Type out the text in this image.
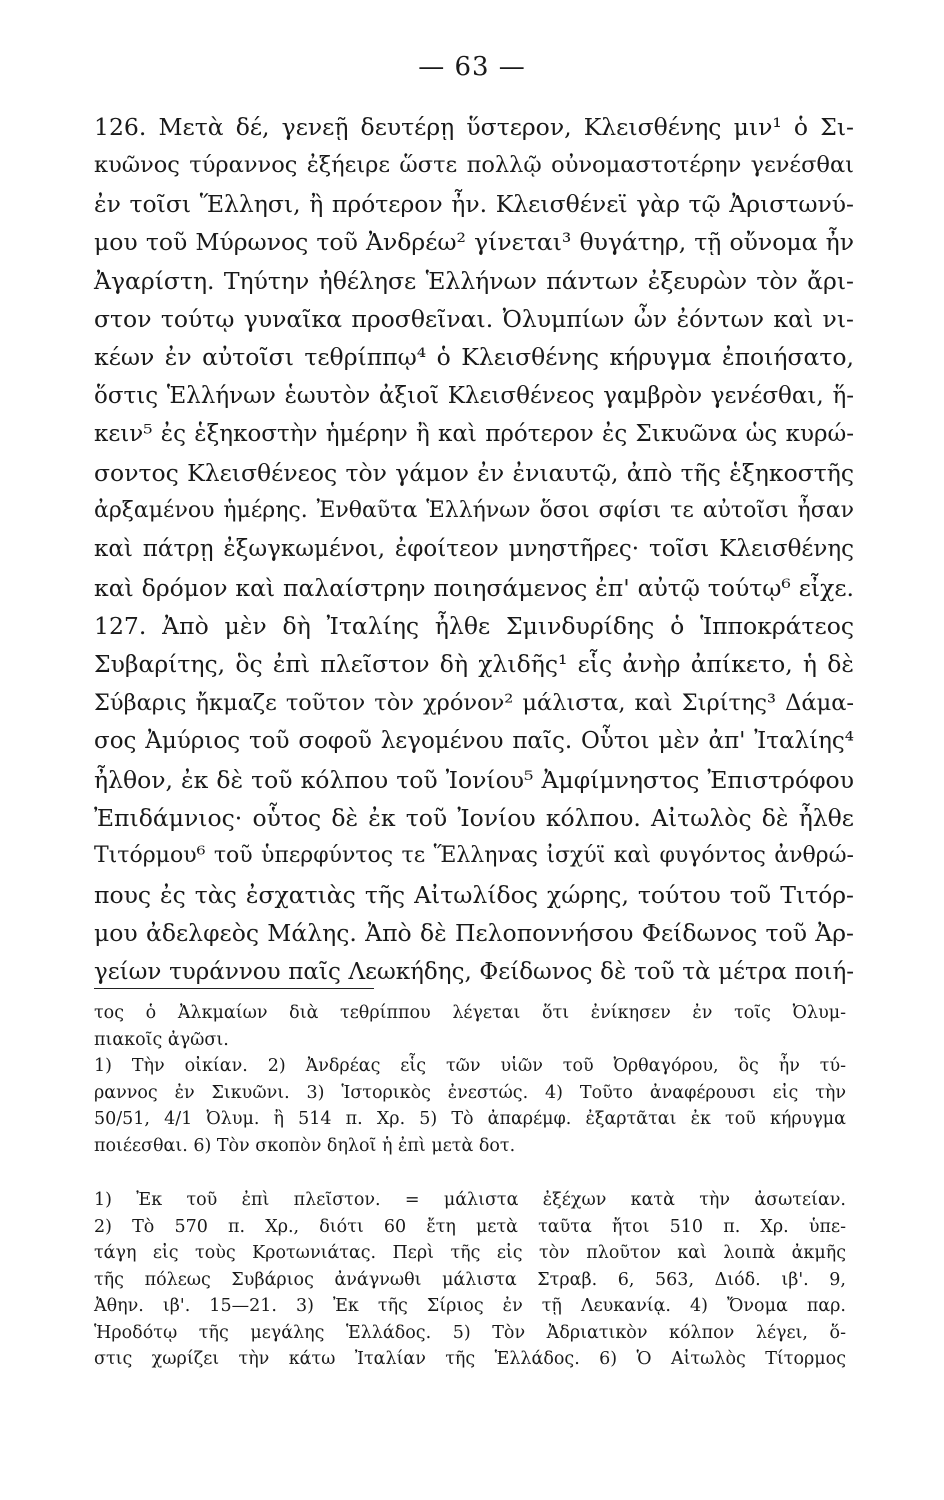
— 63 —
126. Μετὰ δέ, γενεῇ δευτέρῃ ὕστερον, Κλεισθένης μιν¹ ὁ Σι-
κυῶνος τύραννος ἐξήειρε ὥστε πολλῷ οὐνομαστοτέρην γενέσθαι
ἐν τοῖσι Ἕλλησι, ἢ πρότερον ἦν. Κλεισθένεϊ γὰρ τῷ Ἀριστωνύ-
μου τοῦ Μύρωνος τοῦ Ἀνδρέω² γίνεται³ θυγάτηρ, τῇ οὔνομα ἦν
Ἀγαρίστη. Τηύτην ἠθέλησε Ἑλλήνων πάντων ἐξευρὼν τὸν ἄρι-
στον τούτῳ γυναῖκα προσθεῖναι. Ὀλυμπίων ὦν ἐόντων καὶ νι-
κέων ἐν αὐτοῖσι τεθρίππῳ⁴ ὁ Κλεισθένης κήρυγμα ἐποιήσατο,
ὅστις Ἑλλήνων ἑωυτὸν ἀξιοῖ Κλεισθένεος γαμβρὸν γενέσθαι, ἥ-
κειν⁵ ἐς ἑξηκοστὴν ἡμέρην ἢ καὶ πρότερον ἐς Σικυῶνα ὡς κυρώ-
σοντος Κλεισθένεος τὸν γάμον ἐν ἐνιαυτῷ, ἀπὸ τῆς ἑξηκοστῆς
ἀρξαμένου ἡμέρης. Ἐνθαῦτα Ἑλλήνων ὅσοι σφίσι τε αὐτοῖσι ἦσαν
καὶ πάτρῃ ἐξωγκωμένοι, ἐφοίτεον μνηστῆρες· τοῖσι Κλεισθένης
καὶ δρόμον καὶ παλαίστρην ποιησάμενος ἐπ' αὐτῷ τούτῳ⁶ εἶχε.
127. Ἀπὸ μὲν δὴ Ἰταλίης ἦλθε Σμινδυρίδης ὁ Ἱπποκράτεος
Συβαρίτης, ὃς ἐπὶ πλεῖστον δὴ χλιδῆς¹ εἷς ἀνὴρ ἀπίκετο, ἡ δὲ
Σύβαρις ἤκμαζε τοῦτον τὸν χρόνον² μάλιστα, καὶ Σιρίτης³ Δάμα-
σος Ἀμύριος τοῦ σοφοῦ λεγομένου παῖς. Οὗτοι μὲν ἀπ' Ἰταλίης⁴
ἦλθον, ἐκ δὲ τοῦ κόλπου τοῦ Ἰονίου⁵ Ἀμφίμνηστος Ἐπιστρόφου
Ἐπιδάμνιος· οὗτος δὲ ἐκ τοῦ Ἰονίου κόλπου. Αἰτωλὸς δὲ ἦλθε
Τιτόρμου⁶ τοῦ ὑπερφύντος τε Ἕλληνας ἰσχύϊ καὶ φυγόντος ἀνθρώ-
πους ἐς τὰς ἐσχατιὰς τῆς Αἰτωλίδος χώρης, τούτου τοῦ Τιτόρ-
μου ἀδελφεὸς Μάλης. Ἀπὸ δὲ Πελοποννήσου Φείδωνος τοῦ Ἀρ-
γείων τυράννου παῖς Λεωκήδης, Φείδωνος δὲ τοῦ τὰ μέτρα ποιή-
τος ὁ Ἀλκμαίων διὰ τεθρίππου λέγεται ὅτι ἐνίκησεν ἐν τοῖς Ὀλυμ-
πιακοῖς ἀγῶσι.
1) Τὴν οἰκίαν. 2) Ἀνδρέας εἷς τῶν υἱῶν τοῦ Ὀρθαγόρου, ὃς ἦν τύ-
ραννος ἐν Σικυῶνι. 3) Ἱστορικὸς ἐνεστώς. 4) Τοῦτο ἀναφέρουσι εἰς τὴν
50/51, 4/1 Ὀλυμ. ἢ 514 π. Χρ. 5) Τὸ ἀπαρέμφ. ἐξαρτᾶται ἐκ τοῦ κήρυγμα
ποιέεσθαι. 6) Τὸν σκοπὸν δηλοῖ ἡ ἐπὶ μετὰ δοτ.
1) Ἐκ τοῦ ἐπὶ πλεῖστον. = μάλιστα ἐξέχων κατὰ τὴν ἀσωτείαν.
2) Τὸ 570 π. Χρ., διότι 60 ἔτη μετὰ ταῦτα ἤτοι 510 π. Χρ. ὑπε-
τάγη εἰς τοὺς Κροτωνιάτας. Περὶ τῆς εἰς τὸν πλοῦτον καὶ λοιπὰ ἀκμῆς
τῆς πόλεως Συβάριος ἀνάγνωθι μάλιστα Στραβ. 6, 563, Διόδ. ιβ'. 9,
Ἀθην. ιβ'. 15—21. 3) Ἐκ τῆς Σίριος ἐν τῇ Λευκανίᾳ. 4) Ὄνομα παρ.
Ἡροδότῳ τῆς μεγάλης Ἑλλάδος. 5) Τὸν Ἀδριατικὸν κόλπον λέγει, ὅ-
στις χωρίζει τὴν κάτω Ἰταλίαν τῆς Ἑλλάδος. 6) Ὁ Αἰτωλὸς Τίτορμος
